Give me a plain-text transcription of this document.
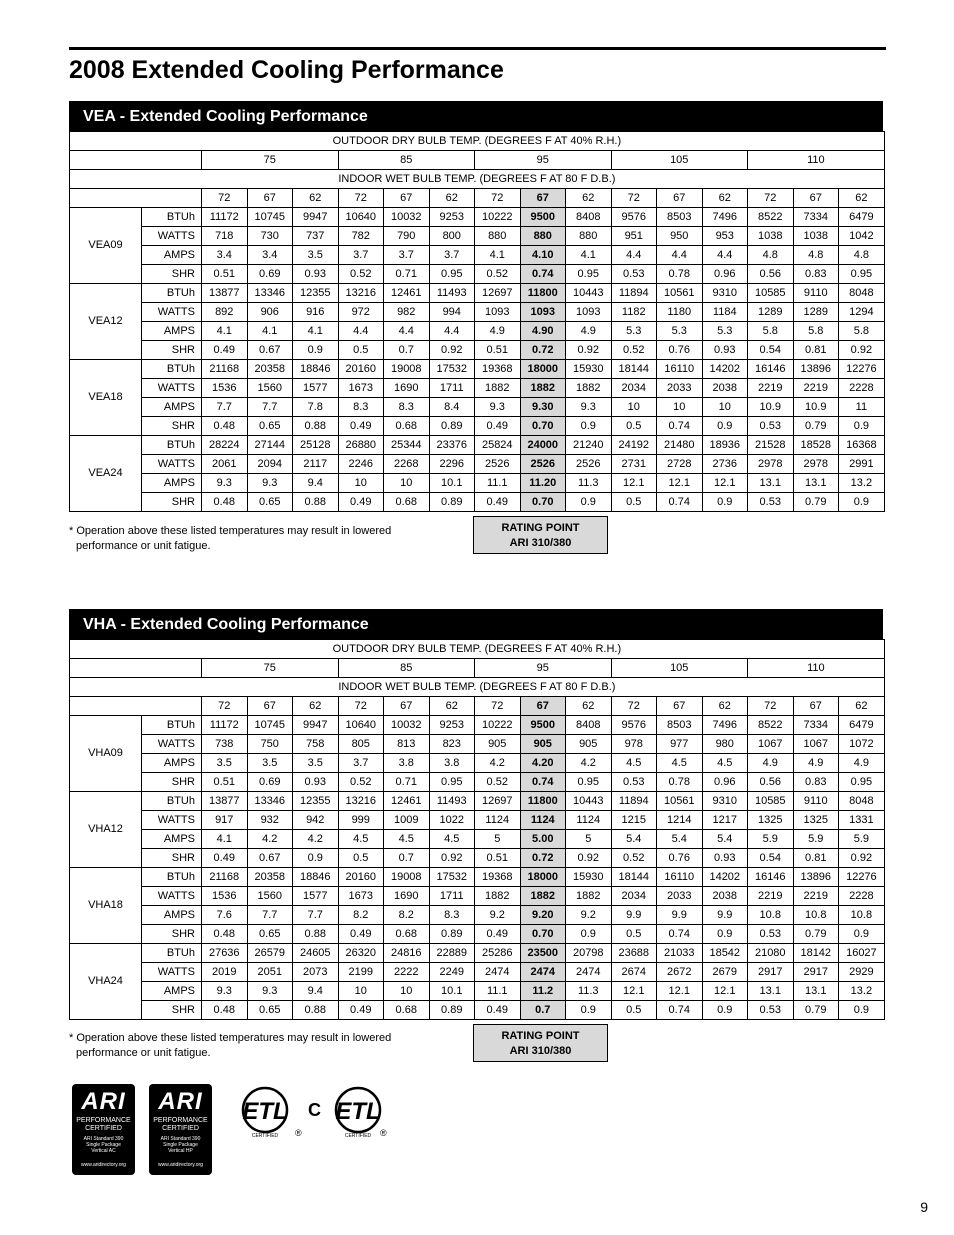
2008 Extended Cooling Performance
VEA - Extended Cooling Performance
OUTDOOR DRY BULB TEMP. (DEGREES F AT 40% R.H.)																
		75			85			95			105			110		
INDOOR WET BULB TEMP. (DEGREES F AT 80 F D.B.)																
		72	67	62	72	67	62	72	67	62	72	67	62	72	67	62
VEA09	BTUh	11172	10745	9947	10640	10032	9253	10222	9500	8408	9576	8503	7496	8522	7334	6479
	WATTS	718	730	737	782	790	800	880	880	880	951	950	953	1038	1038	1042
	AMPS	3.4	3.4	3.5	3.7	3.7	3.7	4.1	4.10	4.1	4.4	4.4	4.4	4.8	4.8	4.8
	SHR	0.51	0.69	0.93	0.52	0.71	0.95	0.52	0.74	0.95	0.53	0.78	0.96	0.56	0.83	0.95
VEA12	BTUh	13877	13346	12355	13216	12461	11493	12697	11800	10443	11894	10561	9310	10585	9110	8048
	WATTS	892	906	916	972	982	994	1093	1093	1093	1182	1180	1184	1289	1289	1294
	AMPS	4.1	4.1	4.1	4.4	4.4	4.4	4.9	4.90	4.9	5.3	5.3	5.3	5.8	5.8	5.8
	SHR	0.49	0.67	0.9	0.5	0.7	0.92	0.51	0.72	0.92	0.52	0.76	0.93	0.54	0.81	0.92
VEA18	BTUh	21168	20358	18846	20160	19008	17532	19368	18000	15930	18144	16110	14202	16146	13896	12276
	WATTS	1536	1560	1577	1673	1690	1711	1882	1882	1882	2034	2033	2038	2219	2219	2228
	AMPS	7.7	7.7	7.8	8.3	8.3	8.4	9.3	9.30	9.3	10	10	10	10.9	10.9	11
	SHR	0.48	0.65	0.88	0.49	0.68	0.89	0.49	0.70	0.9	0.5	0.74	0.9	0.53	0.79	0.9
VEA24	BTUh	28224	27144	25128	26880	25344	23376	25824	24000	21240	24192	21480	18936	21528	18528	16368
	WATTS	2061	2094	2117	2246	2268	2296	2526	2526	2526	2731	2728	2736	2978	2978	2991
	AMPS	9.3	9.3	9.4	10	10	10.1	11.1	11.20	11.3	12.1	12.1	12.1	13.1	13.1	13.2
	SHR	0.48	0.65	0.88	0.49	0.68	0.89	0.49	0.70	0.9	0.5	0.74	0.9	0.53	0.79	0.9
* Operation above these listed temperatures may result in lowered
performance or unit fatigue.
RATING POINT
ARI 310/380
VHA - Extended Cooling Performance
OUTDOOR DRY BULB TEMP. (DEGREES F AT 40% R.H.)																
		75			85			95			105			110		
INDOOR WET BULB TEMP. (DEGREES F AT 80 F D.B.)																
		72	67	62	72	67	62	72	67	62	72	67	62	72	67	62
VHA09	BTUh	11172	10745	9947	10640	10032	9253	10222	9500	8408	9576	8503	7496	8522	7334	6479
	WATTS	738	750	758	805	813	823	905	905	905	978	977	980	1067	1067	1072
	AMPS	3.5	3.5	3.5	3.7	3.8	3.8	4.2	4.20	4.2	4.5	4.5	4.5	4.9	4.9	4.9
	SHR	0.51	0.69	0.93	0.52	0.71	0.95	0.52	0.74	0.95	0.53	0.78	0.96	0.56	0.83	0.95
VHA12	BTUh	13877	13346	12355	13216	12461	11493	12697	11800	10443	11894	10561	9310	10585	9110	8048
	WATTS	917	932	942	999	1009	1022	1124	1124	1124	1215	1214	1217	1325	1325	1331
	AMPS	4.1	4.2	4.2	4.5	4.5	4.5	5	5.00	5	5.4	5.4	5.4	5.9	5.9	5.9
	SHR	0.49	0.67	0.9	0.5	0.7	0.92	0.51	0.72	0.92	0.52	0.76	0.93	0.54	0.81	0.92
VHA18	BTUh	21168	20358	18846	20160	19008	17532	19368	18000	15930	18144	16110	14202	16146	13896	12276
	WATTS	1536	1560	1577	1673	1690	1711	1882	1882	1882	2034	2033	2038	2219	2219	2228
	AMPS	7.6	7.7	7.7	8.2	8.2	8.3	9.2	9.20	9.2	9.9	9.9	9.9	10.8	10.8	10.8
	SHR	0.48	0.65	0.88	0.49	0.68	0.89	0.49	0.70	0.9	0.5	0.74	0.9	0.53	0.79	0.9
VHA24	BTUh	27636	26579	24605	26320	24816	22889	25286	23500	20798	23688	21033	18542	21080	18142	16027
	WATTS	2019	2051	2073	2199	2222	2249	2474	2474	2474	2674	2672	2679	2917	2917	2929
	AMPS	9.3	9.3	9.4	10	10	10.1	11.1	11.2	11.3	12.1	12.1	12.1	13.1	13.1	13.2
	SHR	0.48	0.65	0.88	0.49	0.68	0.89	0.49	0.7	0.9	0.5	0.74	0.9	0.53	0.79	0.9
* Operation above these listed temperatures may result in lowered
performance or unit fatigue.
RATING POINT
ARI 310/380
ARI
PERFORMANCE
CERTIFIED
ARI Standard 390
Single Package
Vertical AC
www.aridirectory.org
ARI
PERFORMANCE
CERTIFIED
ARI Standard 390
Single Package
Vertical HP
www.aridirectory.org
ETL
CERTIFIED ®
C ETL
CERTIFIED ®
9
